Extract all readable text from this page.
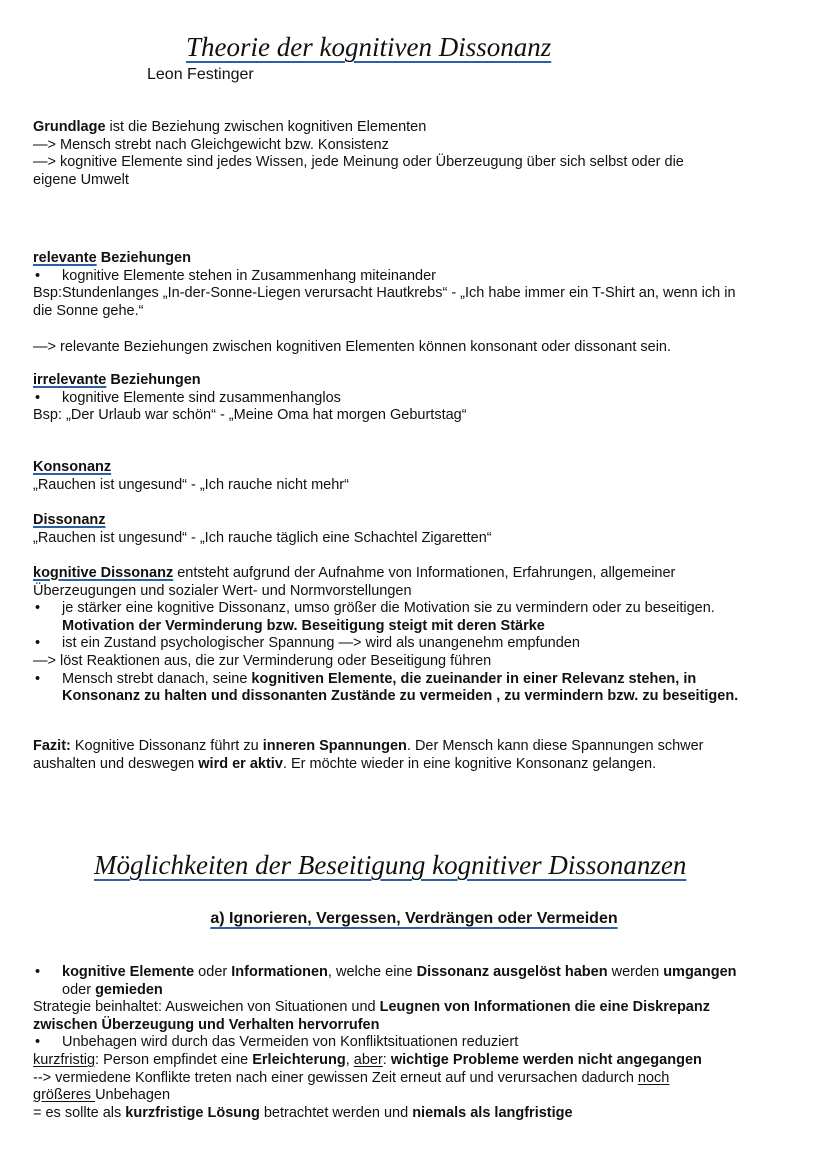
Theorie der kognitiven Dissonanz
Leon Festinger
Grundlage ist die Beziehung zwischen kognitiven Elementen
—> Mensch strebt nach Gleichgewicht bzw. Konsistenz
—> kognitive Elemente sind jedes Wissen, jede Meinung oder Überzeugung über sich selbst oder die
eigene Umwelt
relevante Beziehungen
• kognitive Elemente stehen in Zusammenhang miteinander
Bsp:Stundenlanges „In-der-Sonne-Liegen verursacht Hautkrebs“ - „Ich habe immer ein T-Shirt an, wenn ich in
die Sonne gehe.“
—> relevante Beziehungen zwischen kognitiven Elementen können konsonant oder dissonant sein.
irrelevante Beziehungen
• kognitive Elemente sind zusammenhanglos
Bsp: „Der Urlaub war schön“ - „Meine Oma hat morgen Geburtstag“
Konsonanz
„Rauchen ist ungesund“ - „Ich rauche nicht mehr“
Dissonanz
„Rauchen ist ungesund“ - „Ich rauche täglich eine Schachtel Zigaretten“
kognitive Dissonanz entsteht aufgrund der Aufnahme von Informationen, Erfahrungen, allgemeiner
Überzeugungen und sozialer Wert- und Normvorstellungen
• je stärker eine kognitive Dissonanz, umso größer die Motivation sie zu vermindern oder zu beseitigen.
Motivation der Verminderung bzw. Beseitigung steigt mit deren Stärke
• ist ein Zustand psychologischer Spannung —> wird als unangenehm empfunden
—> löst Reaktionen aus, die zur Verminderung oder Beseitigung führen
• Mensch strebt danach, seine kognitiven Elemente, die zueinander in einer Relevanz stehen, in
Konsonanz zu halten und dissonanten Zustände zu vermeiden , zu vermindern bzw. zu beseitigen.
Fazit: Kognitive Dissonanz führt zu inneren Spannungen. Der Mensch kann diese Spannungen schwer
aushalten und deswegen wird er aktiv. Er möchte wieder in eine kognitive Konsonanz gelangen.
Möglichkeiten der Beseitigung kognitiver Dissonanzen
a) Ignorieren, Vergessen, Verdrängen oder Vermeiden
• kognitive Elemente oder Informationen, welche eine Dissonanz ausgelöst haben werden umgangen
oder gemieden
Strategie beinhaltet: Ausweichen von Situationen und Leugnen von Informationen die eine Diskrepanz
zwischen Überzeugung und Verhalten hervorrufen
• Unbehagen wird durch das Vermeiden von Konfliktsituationen reduziert
kurzfristig: Person empfindet eine Erleichterung, aber: wichtige Probleme werden nicht angegangen
--> vermiedene Konflikte treten nach einer gewissen Zeit erneut auf und verursachen dadurch noch
größeres Unbehagen
= es sollte als kurzfristige Lösung betrachtet werden und niemals als langfristige
